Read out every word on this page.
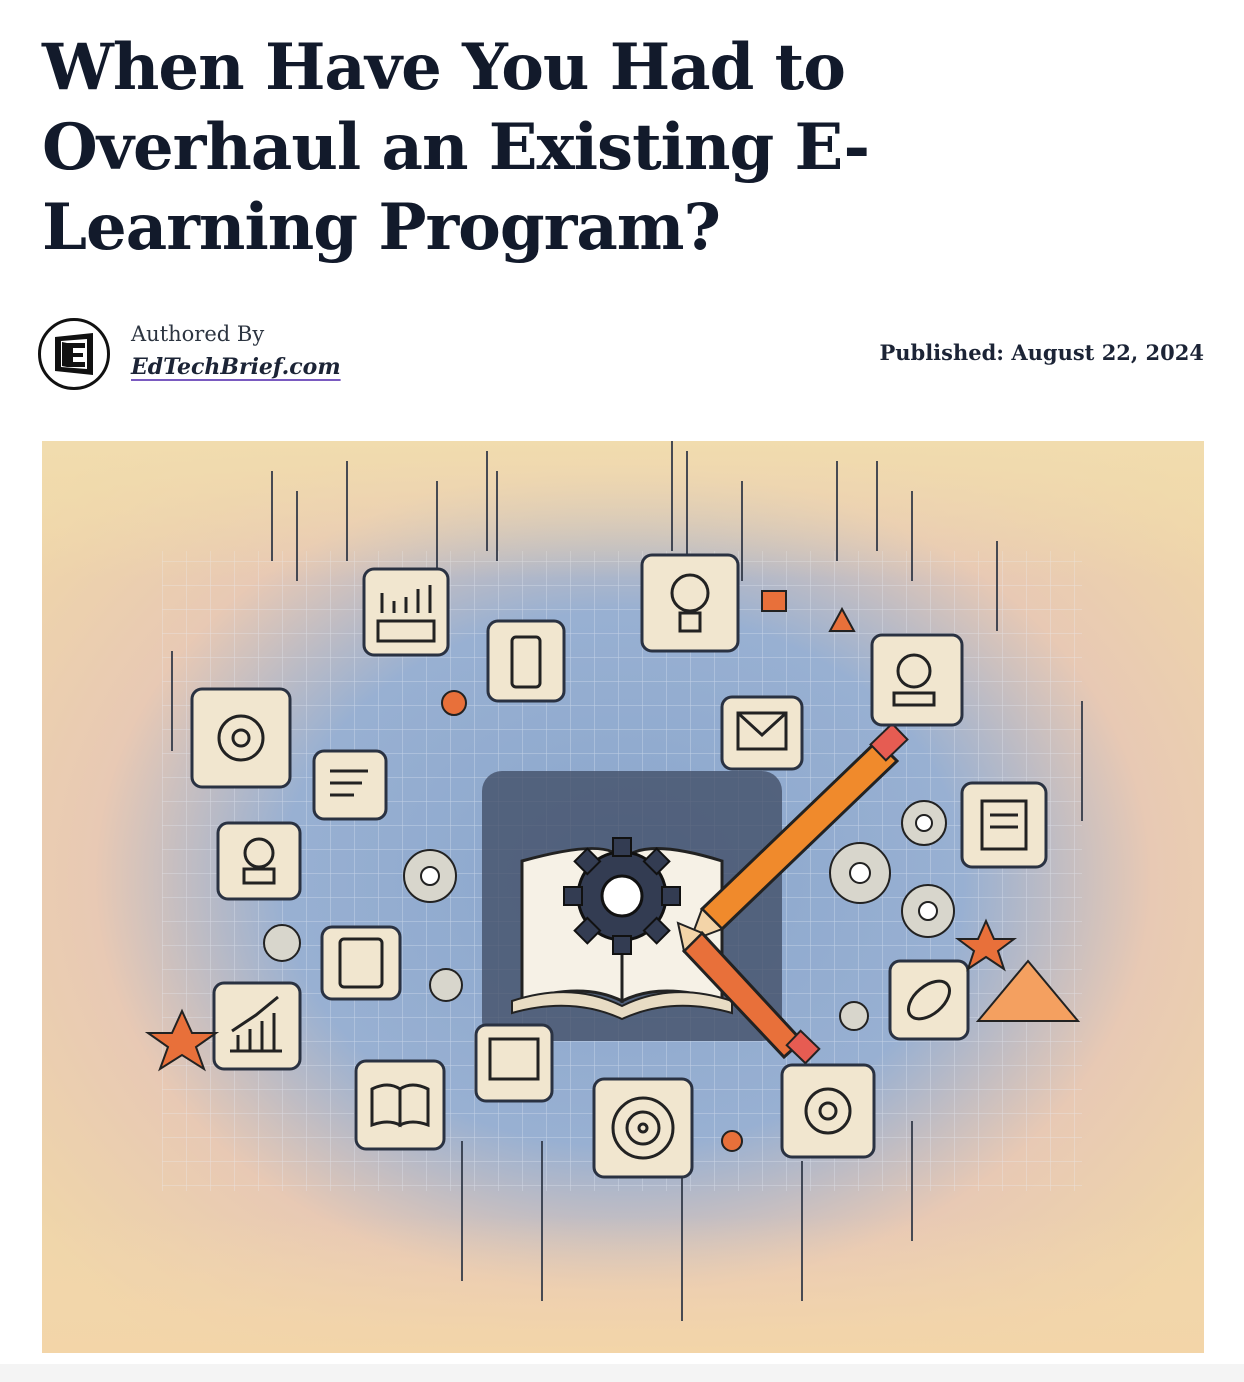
When Have You Had to Overhaul an Existing E-Learning Program?
Authored By
EdTechBrief.com
Published: August 22, 2024
